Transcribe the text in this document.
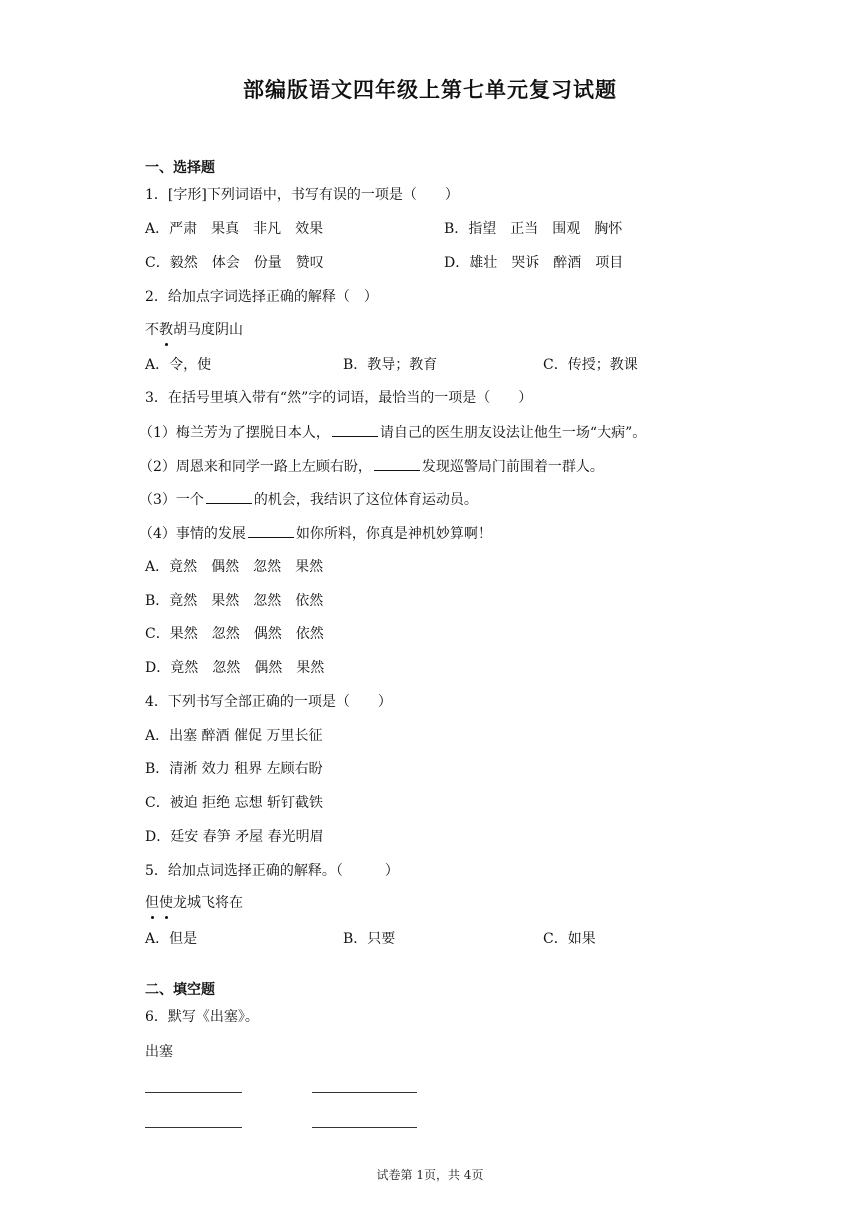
部编版语文四年级上第七单元复习试题
一、选择题
1．[字形]下列词语中，书写有误的一项是（　　）
A．严肃　果真　非凡　效果	B．指望　正当　围观　胸怀
C．毅然　体会　份量　赞叹	D．雄壮　哭诉　醉酒　项目
2．给加点字词选择正确的解释（　）
不教胡马度阴山
A．令，使	B．教导；教育	C．传授；教课
3．在括号里填入带有“然”字的词语，最恰当的一项是（　　）
（1）梅兰芳为了摆脱日本人，	请自己的医生朋友设法让他生一场“大病”。
（2）周恩来和同学一路上左顾右盼，	发现巡警局门前围着一群人。
（3）一个	的机会，我结识了这位体育运动员。
（4）事情的发展	如你所料，你真是神机妙算啊！
A．竟然　偶然　忽然　果然
B．竟然　果然　忽然　依然
C．果然　忽然　偶然　依然
D．竟然　忽然　偶然　果然
4．下列书写全部正确的一项是（　　）
A．出塞 醉酒 催促 万里长征
B．清淅 效力 租界 左顾右盼
C．被迫 拒绝 忘想 斩钉截铁
D．廷安 春笋 矛屋 春光明眉
5．给加点词选择正确的解释。（　　　）
但使龙城飞将在
A．但是	B．只要	C．如果
二、填空题
6．默写《出塞》。
出塞
试卷第 1页，共 4页
